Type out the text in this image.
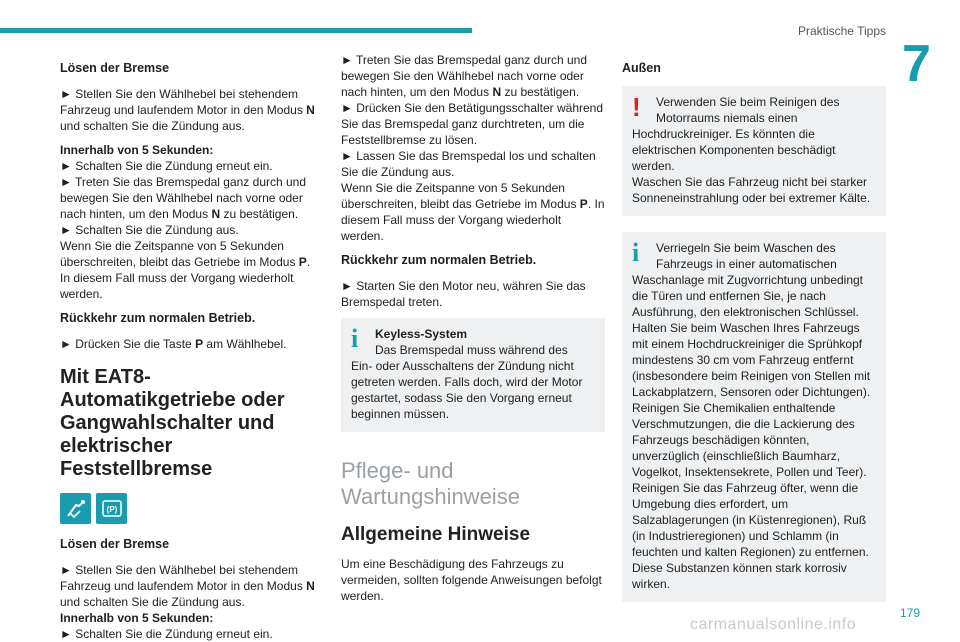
Praktische Tipps
7
Lösen der Bremse

► Stellen Sie den Wählhebel bei stehendem Fahrzeug und laufendem Motor in den Modus N und schalten Sie die Zündung aus.

Innerhalb von 5 Sekunden:
► Schalten Sie die Zündung erneut ein.
► Treten Sie das Bremspedal ganz durch und bewegen Sie den Wählhebel nach vorne oder nach hinten, um den Modus N zu bestätigen.
► Schalten Sie die Zündung aus.

Wenn Sie die Zeitspanne von 5 Sekunden überschreiten, bleibt das Getriebe im Modus P. In diesem Fall muss der Vorgang wiederholt werden.

Rückkehr zum normalen Betrieb.

► Drücken Sie die Taste P am Wählhebel.

Mit EAT8-Automatikgetriebe oder Gangwahlschalter und elektrischer Feststellbremse
(P)
Lösen der Bremse
► Stellen Sie den Wählhebel bei stehendem Fahrzeug und laufendem Motor in den Modus N und schalten Sie die Zündung aus.
Innerhalb von 5 Sekunden:
► Schalten Sie die Zündung erneut ein.
► Treten Sie das Bremspedal ganz durch und bewegen Sie den Wählhebel nach vorne oder nach hinten, um den Modus N zu bestätigen.
► Drücken Sie den Betätigungsschalter während Sie das Bremspedal ganz durchtreten, um die Feststellbremse zu lösen.
► Lassen Sie das Bremspedal los und schalten Sie die Zündung aus.

Wenn Sie die Zeitspanne von 5 Sekunden überschreiten, bleibt das Getriebe im Modus P. In diesem Fall muss der Vorgang wiederholt werden.

Rückkehr zum normalen Betrieb.

► Starten Sie den Motor neu, währen Sie das Bremspedal treten.

i	Keyless-System
Das Bremspedal muss während des
Ein- oder Ausschaltens der Zündung nicht getreten werden. Falls doch, wird der Motor gestartet, sodass Sie den Vorgang erneut beginnen müssen.
Pflege- und Wartungshinweise
Allgemeine Hinweise

Um eine Beschädigung des Fahrzeugs zu vermeiden, sollten folgende Anweisungen befolgt werden.

Außen
!	Verwenden Sie beim Reinigen des Motorraums niemals einen
Hochdruckreiniger. Es könnten die elektrischen Komponenten beschädigt werden.
Waschen Sie das Fahrzeug nicht bei starker Sonneneinstrahlung oder bei extremer Kälte.
i	Verriegeln Sie beim Waschen des Fahrzeugs in einer automatischen
Waschanlage mit Zugvorrichtung unbedingt die Türen und entfernen Sie, je nach Ausführung, den elektronischen Schlüssel.
Halten Sie beim Waschen Ihres Fahrzeugs mit einem Hochdruckreiniger die Sprühkopf mindestens 30 cm vom Fahrzeug entfernt (insbesondere beim Reinigen von Stellen mit Lackabplatzern, Sensoren oder Dichtungen).
Reinigen Sie Chemikalien enthaltende Verschmutzungen, die die Lackierung des Fahrzeugs beschädigen könnten, unverzüglich (einschließlich Baumharz, Vogelkot, Insektensekrete, Pollen und Teer).
Reinigen Sie das Fahrzeug öfter, wenn die Umgebung dies erfordert, um Salzablagerungen (in Küstenregionen), Ruß (in Industrieregionen) und Schlamm (in feuchten und kalten Regionen) zu entfernen. Diese Substanzen können stark korrosiv wirken.
179
carmanualsonline.info
